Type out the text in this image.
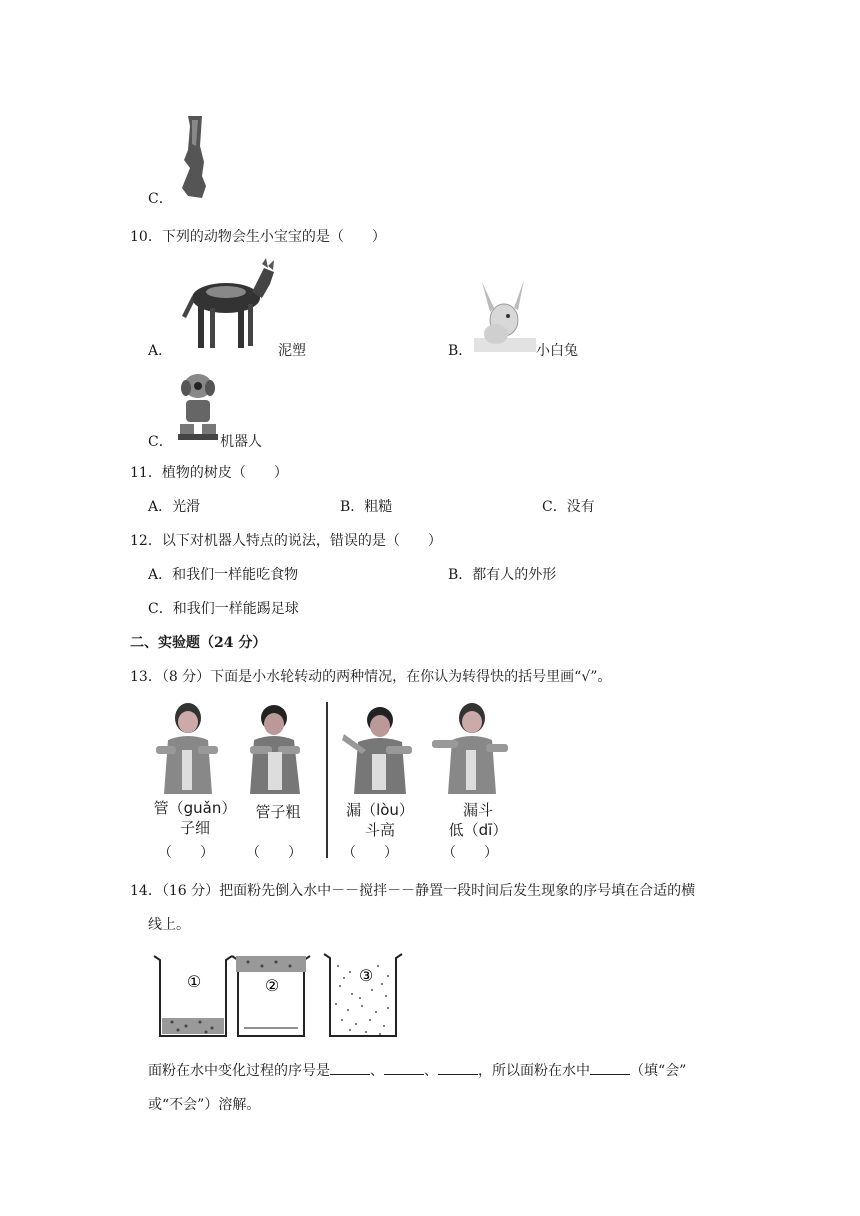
C．
10．下列的动物会生小宝宝的是（　　）
A．	泥塑	B．	小白兔
C．	机器人
11．植物的树皮（　　）
A．光滑	B．粗糙	C．没有
12．以下对机器人特点的说法，错误的是（　　）
A．和我们一样能吃食物	B．都有人的外形
C．和我们一样能踢足球
二、实验题（24 分）
13．（8 分）下面是小水轮转动的两种情况，在你认为转得快的括号里画“√”。
管（guǎn）
子细
管子粗	漏（lòu）
斗高
漏斗
低（dī）
（　　） （　　）	（　　）	（　　）
14．（16 分）把面粉先倒入水中－－搅拌－－静置一段时间后发生现象的序号填在合适的横
线上。
①	②
③
面粉在水中变化过程的序号是	、	、	，所以面粉在水中	（填“会”
或“不会”）溶解。
